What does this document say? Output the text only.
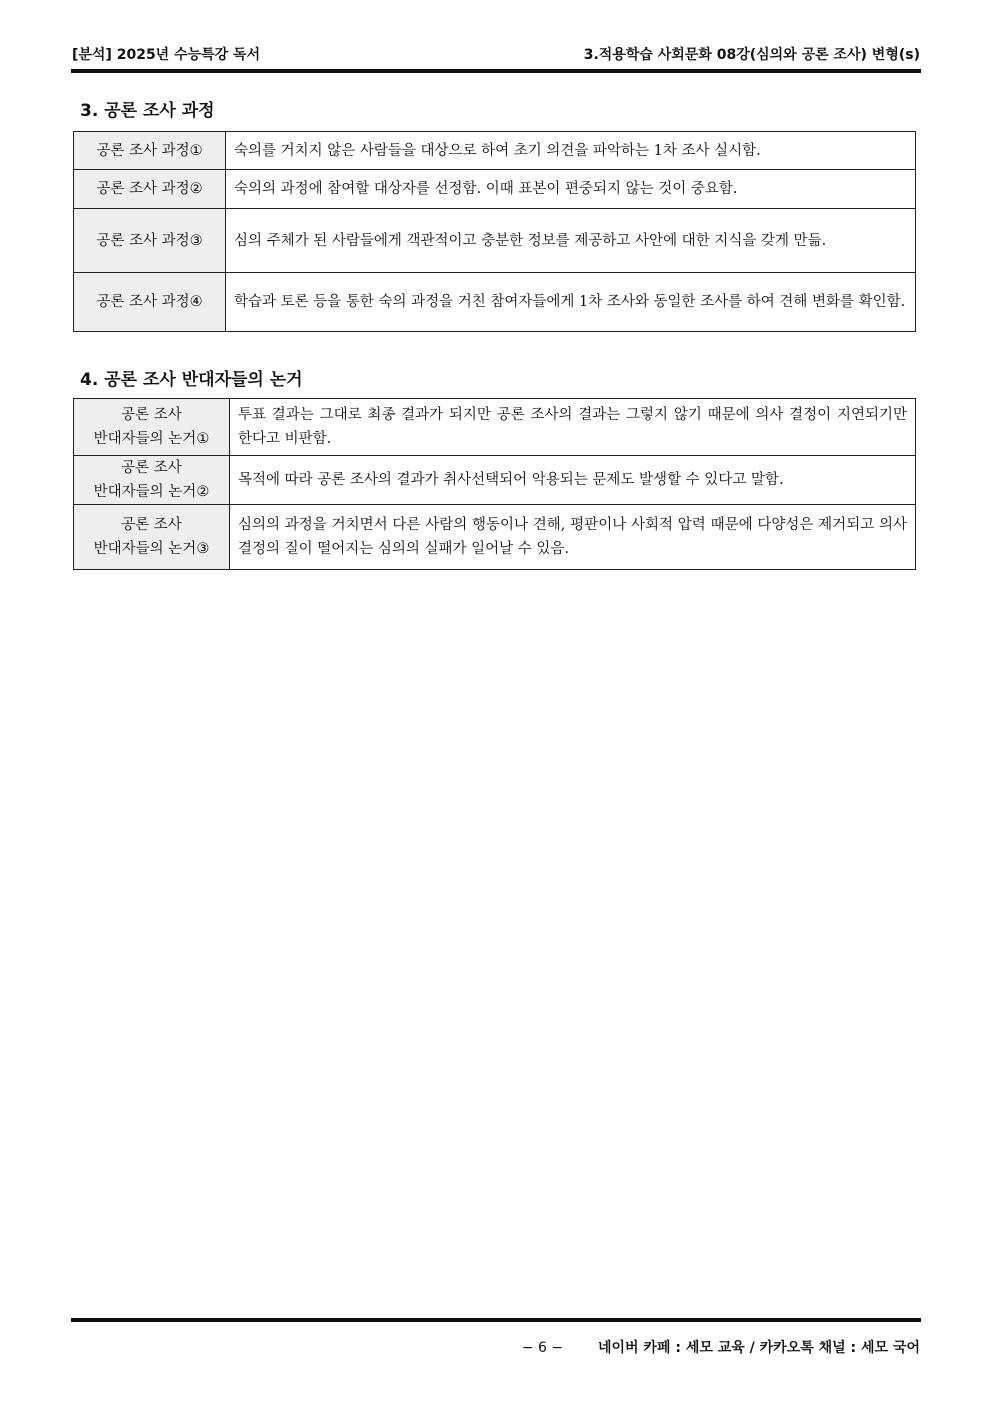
[분석] 2025년 수능특강 독서	3.적용학습 사회문화 08강(심의와 공론 조사) 변형(s)
3. 공론 조사 과정
공론 조사 과정①	숙의를 거치지 않은 사람들을 대상으로 하여 초기 의견을 파악하는 1차 조사 실시함.
공론 조사 과정②	숙의의 과정에 참여할 대상자를 선정함. 이때 표본이 편중되지 않는 것이 중요함.
공론 조사 과정③	심의 주체가 된 사람들에게 객관적이고 충분한 정보를 제공하고 사안에 대한 지식을 갖게 만듦.
공론 조사 과정④	학습과 토론 등을 통한 숙의 과정을 거친 참여자들에게 1차 조사와 동일한 조사를 하여 견해 변화를 확인함.
4. 공론 조사 반대자들의 논거
공론 조사
반대자들의 논거①	투표 결과는 그대로 최종 결과가 되지만 공론 조사의 결과는 그렇지 않기 때문에 의사 결정이 지연되기만 한다고 비판함.

공론 조사
반대자들의 논거②	목적에 따라 공론 조사의 결과가 취사선택되어 악용되는 문제도 발생할 수 있다고 말함.

공론 조사
반대자들의 논거③	심의의 과정을 거치면서 다른 사람의 행동이나 견해, 평판이나 사회적 압력 때문에 다양성은 제거되고 의사 결정의 질이 떨어지는 심의의 실패가 일어날 수 있음.
− 6 − 네이버 카페 : 세모 교육 / 카카오톡 채널 : 세모 국어
